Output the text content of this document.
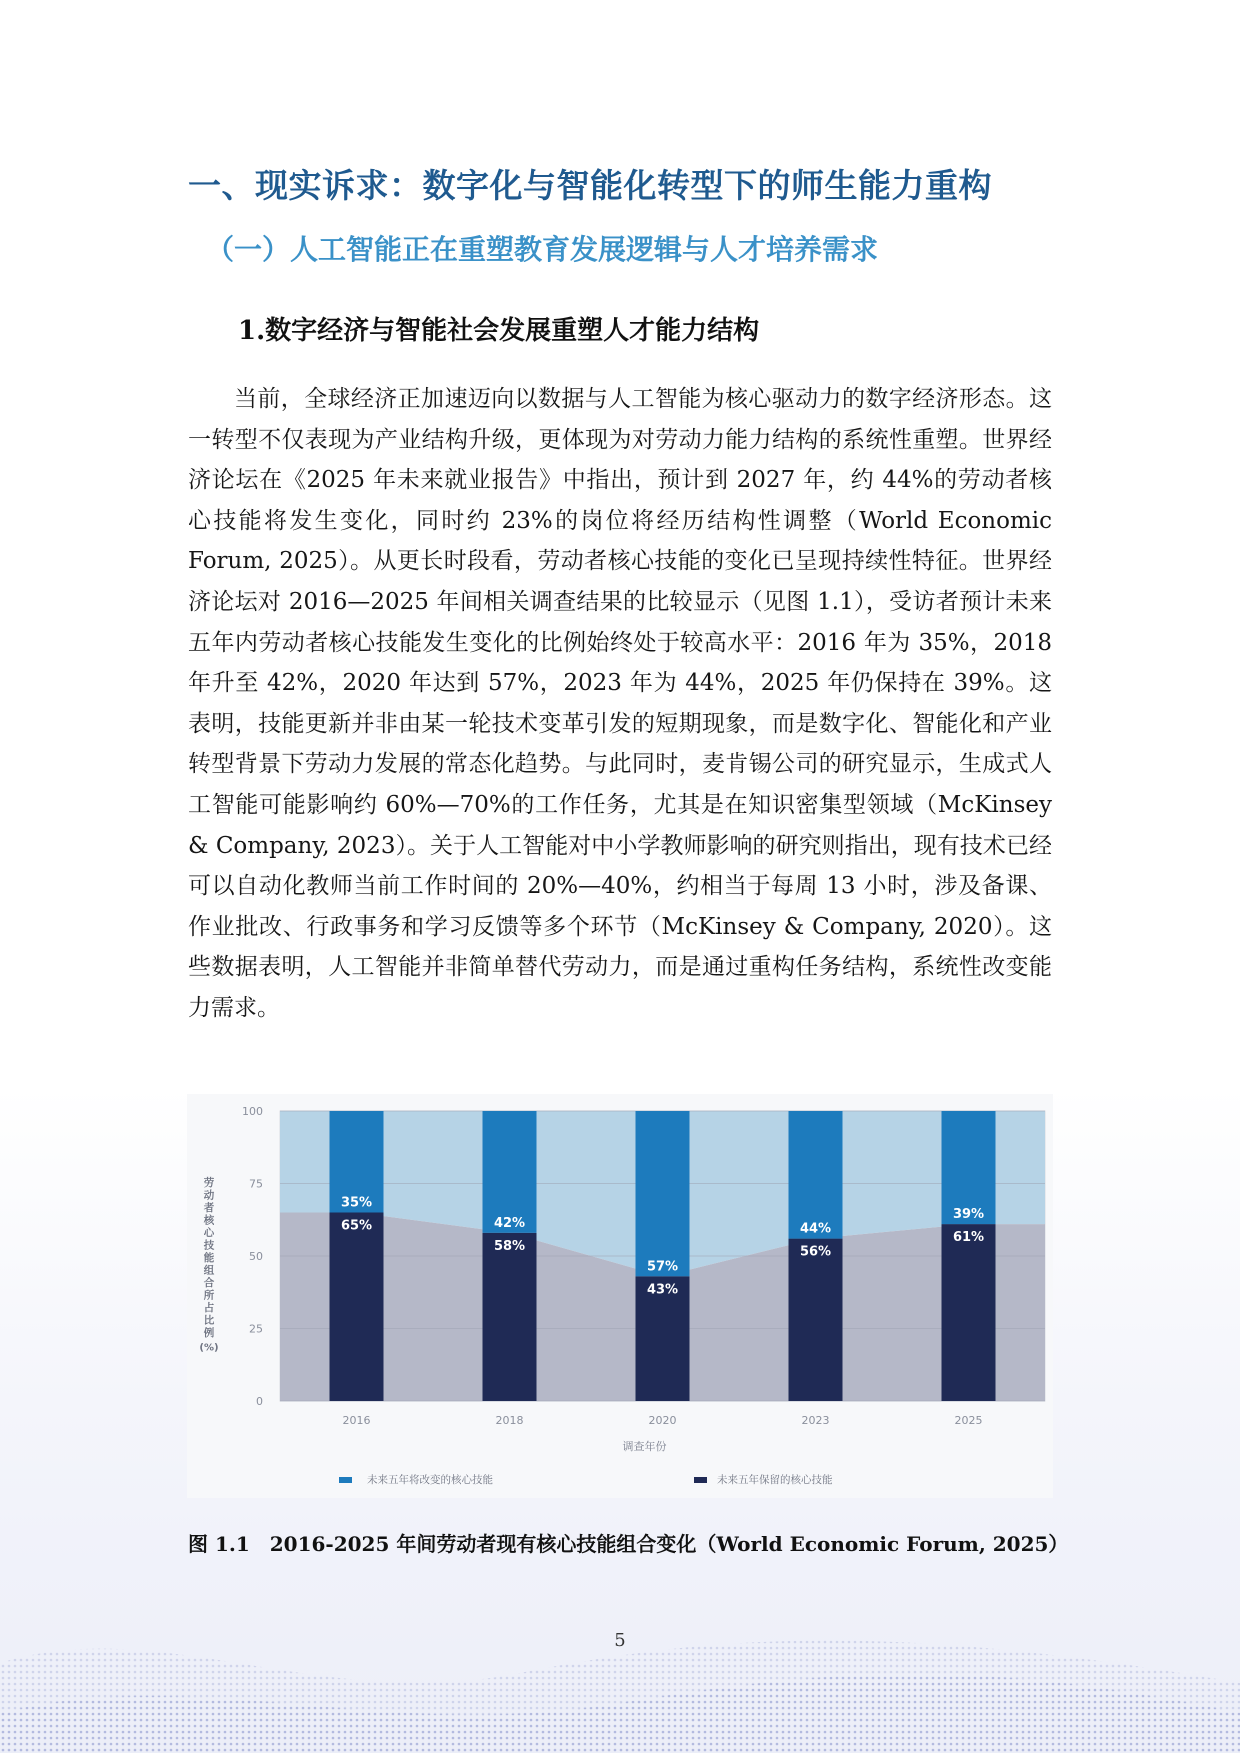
一、现实诉求：数字化与智能化转型下的师生能力重构
（一）人工智能正在重塑教育发展逻辑与人才培养需求
1.数字经济与智能社会发展重塑人才能力结构

当前，全球经济正加速迈向以数据与人工智能为核心驱动力的数字经济形态。这一转型不仅表现为产业结构升级，更体现为对劳动力能力结构的系统性重塑。世界经济论坛在《2025 年未来就业报告》中指出，预计到 2027 年，约 44%的劳动者核心技能将发生变化，同时约 23%的岗位将经历结构性调整（World Economic Forum, 2025）。从更长时段看，劳动者核心技能的变化已呈现持续性特征。世界经济论坛对 2016—2025 年间相关调查结果的比较显示（见图 1.1），受访者预计未来五年内劳动者核心技能发生变化的比例始终处于较高水平：2016 年为 35%，2018 年升至 42%，2020 年达到 57%，2023 年为 44%，2025 年仍保持在 39%。这表明，技能更新并非由某一轮技术变革引发的短期现象，而是数字化、智能化和产业转型背景下劳动力发展的常态化趋势。与此同时，麦肯锡公司的研究显示，生成式人工智能可能影响约 60%—70%的工作任务，尤其是在知识密集型领域（McKinsey & Company, 2023）。关于人工智能对中小学教师影响的研究则指出，现有技术已经可以自动化教师当前工作时间的 20%—40%，约相当于每周 13 小时，涉及备课、作业批改、行政事务和学习反馈等多个环节（McKinsey & Company, 2020）。这些数据表明，人工智能并非简单替代劳动力，而是通过重构任务结构，系统性改变能力需求。

0
25
50
75
100
35%
65%
2016
42%
58%
2018
57%
43%
2020
44%
56%
2023
39%
61%
2025
劳
动
者
核
心
技
能
组
合
所
占
比
例
(%)
调查年份
未来五年将改变的核心技能	未来五年保留的核心技能

图 1.1　2016-2025 年间劳动者现有核心技能组合变化（World Economic Forum, 2025）

5
